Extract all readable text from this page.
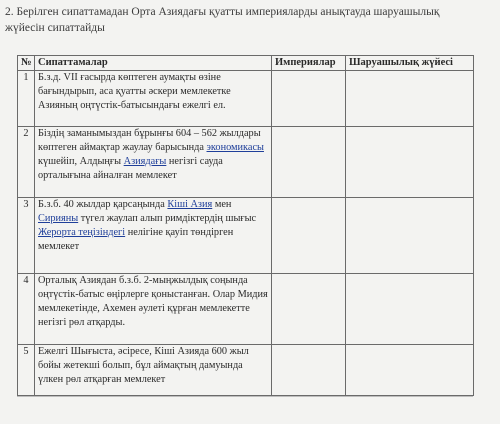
2. Берілген сипаттамадан Орта Азиядағы қуатты империяларды анықтауда шаруашылық
жүйесін сипаттайды
№	Сипаттамалар	Империялар	Шаруашылық жүйесі
1	Б.з.д. VII ғасырда көптеген аумақты өзіне бағындырып, аса қуатты әскери мемлекетке Азияның оңтүстік-батысындағы ежелгі ел.		
2	Біздің заманымыздан бұрынғы 604 – 562 жылдары көптеген аймақтар жаулау барысында экономикасы күшейіп, Алдыңғы Азиядағы негізгі сауда орталығына айналған мемлекет		
3	Б.з.б. 40 жылдар қарсаңында Кіші Азия мен Сирияны түгел жаулап алып римдіктердің шығыс Жерорта теңізіндегі нелігіне қауіп төндірген мемлекет		
4	Орталық Азиядан б.з.б. 2-мыңжылдық соңында оңтүстік-батыс өңірлерге қоныстанған. Олар Мидия мемлекетінде, Ахемен әулеті құрған мемлекетте негізгі рөл атқарды.		
5	Ежелгі Шығыста, әсіресе, Кіші Азияда 600 жыл бойы жетекші болып, бұл аймақтың дамуында үлкен рөл атқарған мемлекет		
